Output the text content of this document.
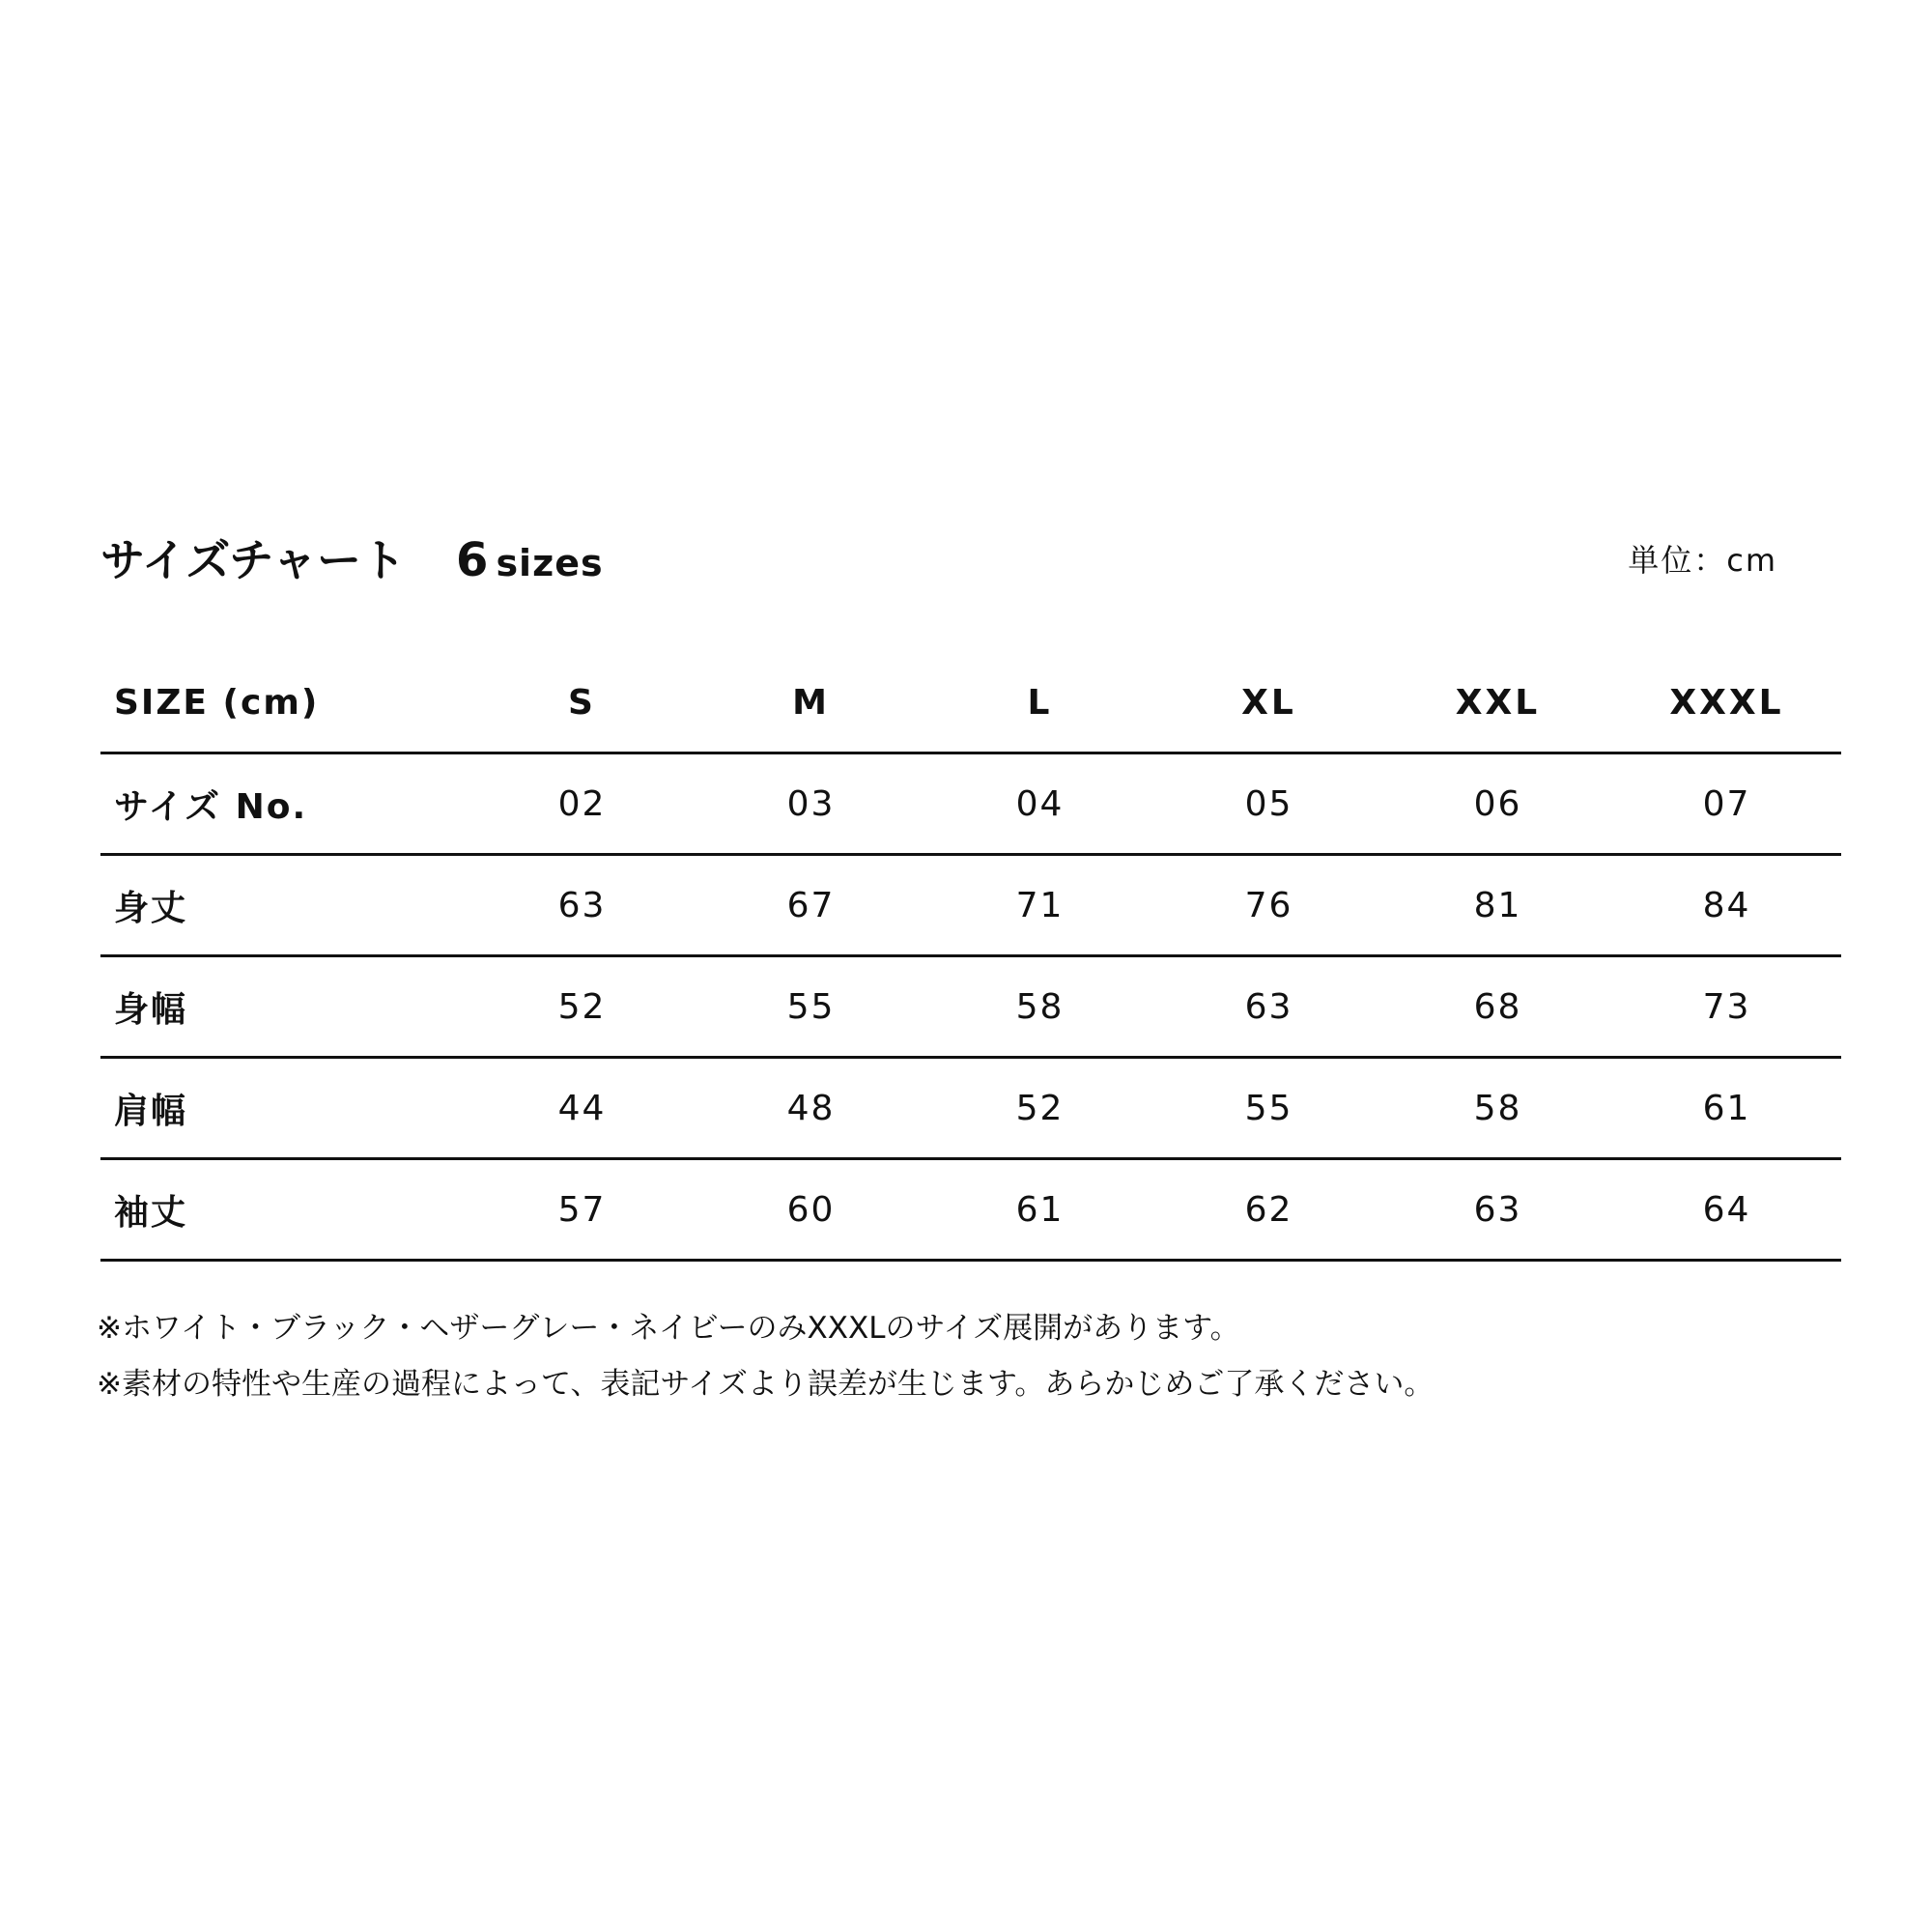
サイズチャート 6 sizes	単位：cm
SIZE (cm)	S	M	L	XL	XXL	XXXL
サイズ No.	02	03	04	05	06	07
身丈	63	67	71	76	81	84
身幅	52	55	58	63	68	73
肩幅	44	48	52	55	58	61
袖丈	57	60	61	62	63	64
※ホワイト・ブラック・ヘザーグレー・ネイビーのみXXXLのサイズ展開があります。
※素材の特性や生産の過程によって、表記サイズより誤差が生じます。あらかじめご了承ください。
